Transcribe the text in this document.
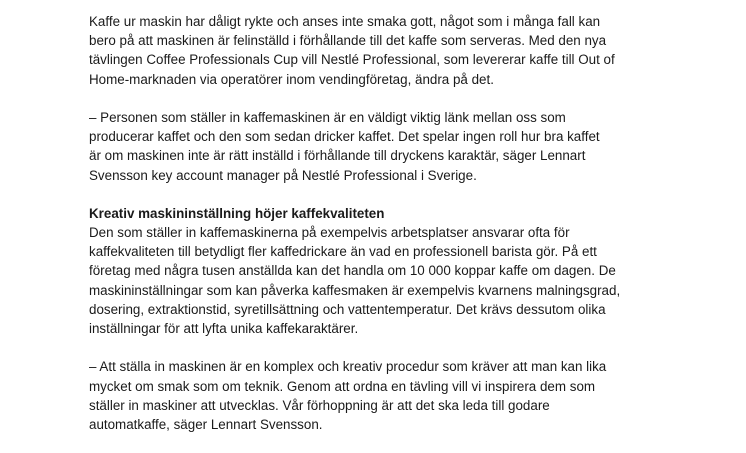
Kaffe ur maskin har dåligt rykte och anses inte smaka gott, något som i många fall kan
bero på att maskinen är felinställd i förhållande till det kaffe som serveras. Med den nya
tävlingen Coffee Professionals Cup vill Nestlé Professional, som levererar kaffe till Out of
Home-marknaden via operatörer inom vendingföretag, ändra på det.
– Personen som ställer in kaffemaskinen är en väldigt viktig länk mellan oss som
producerar kaffet och den som sedan dricker kaffet. Det spelar ingen roll hur bra kaffet
är om maskinen inte är rätt inställd i förhållande till dryckens karaktär, säger Lennart
Svensson key account manager på Nestlé Professional i Sverige.
Kreativ maskininställning höjer kaffekvaliteten
Den som ställer in kaffemaskinerna på exempelvis arbetsplatser ansvarar ofta för
kaffekvaliteten till betydligt fler kaffedrickare än vad en professionell barista gör. På ett
företag med några tusen anställda kan det handla om 10 000 koppar kaffe om dagen. De
maskininställningar som kan påverka kaffesmaken är exempelvis kvarnens malningsgrad,
dosering, extraktionstid, syretillsättning och vattentemperatur. Det krävs dessutom olika
inställningar för att lyfta unika kaffekaraktärer.
– Att ställa in maskinen är en komplex och kreativ procedur som kräver att man kan lika
mycket om smak som om teknik. Genom att ordna en tävling vill vi inspirera dem som
ställer in maskiner att utvecklas. Vår förhoppning är att det ska leda till godare
automatkaffe, säger Lennart Svensson.
